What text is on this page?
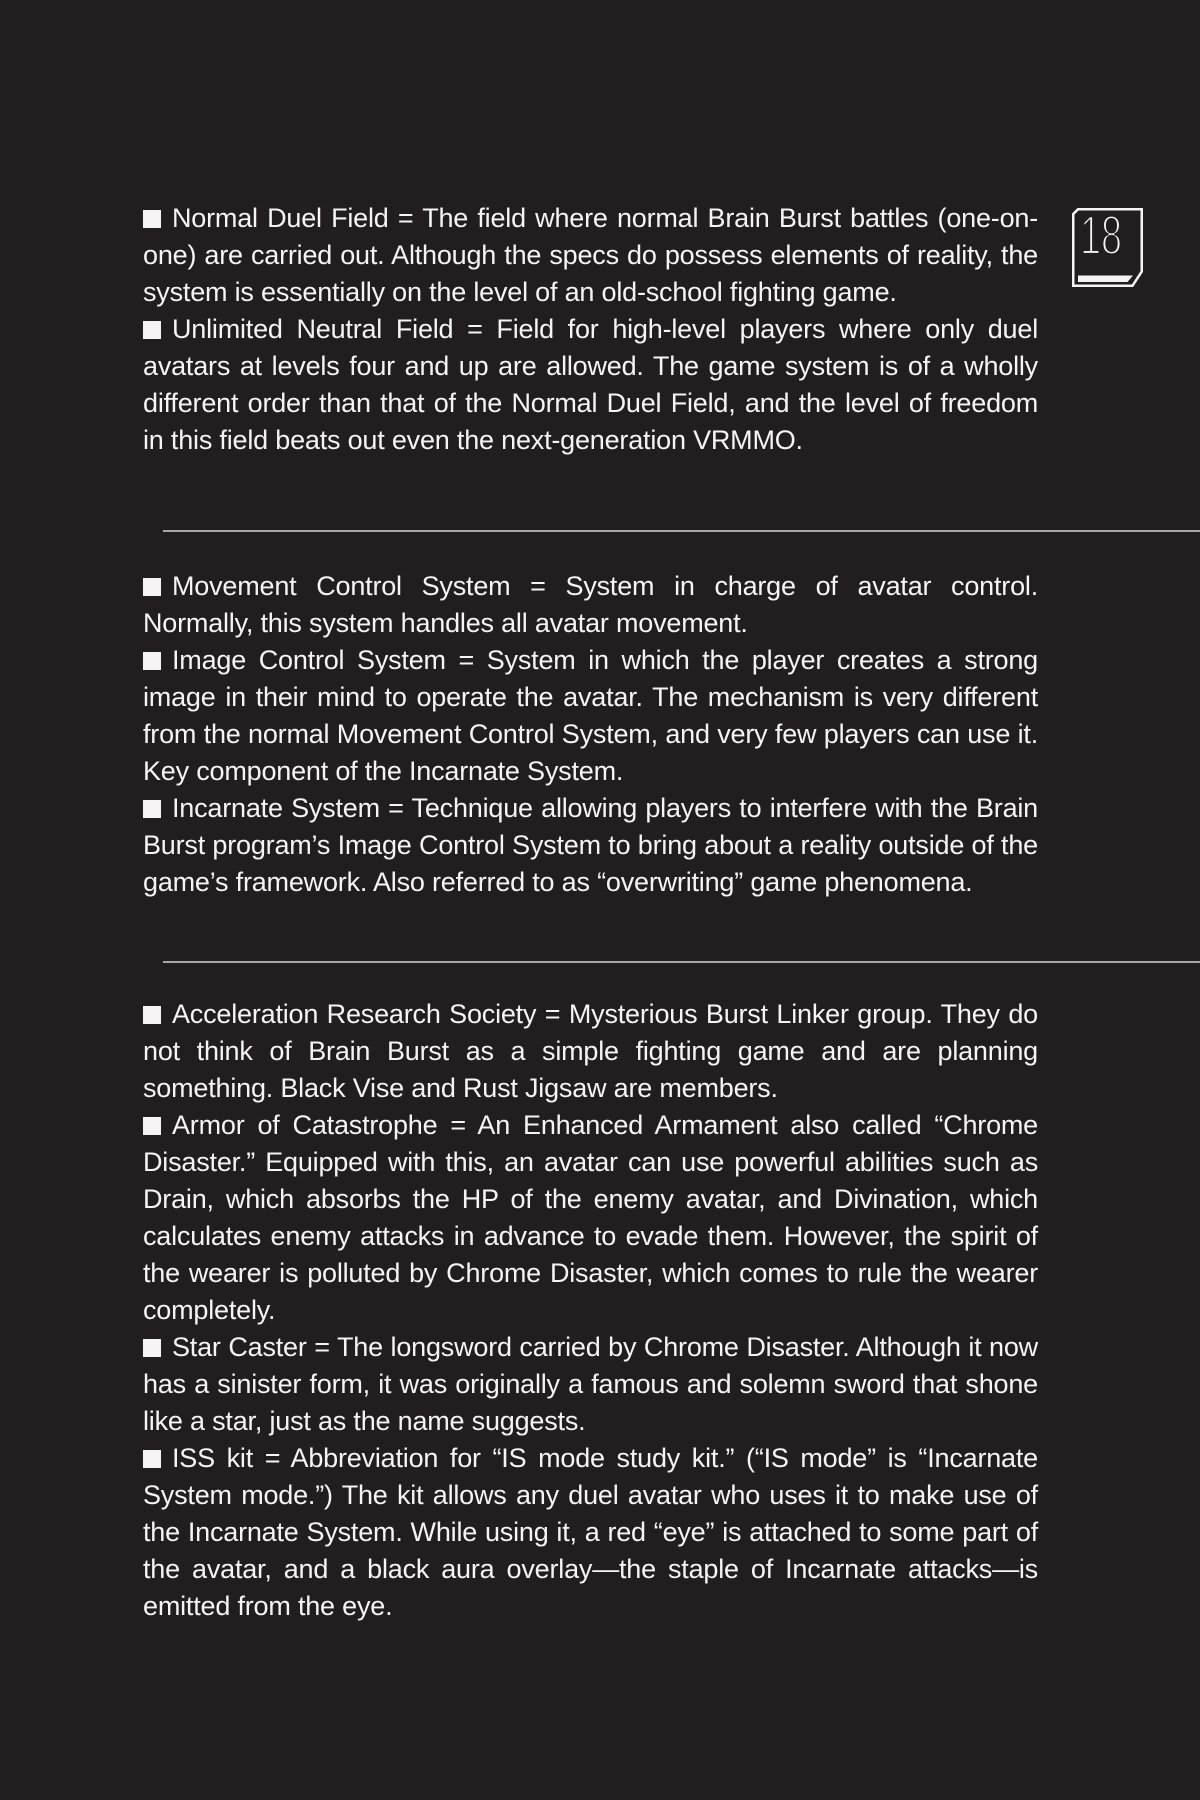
18

Normal Duel Field = The field where normal Brain Burst battles (one-on-one) are carried out. Although the specs do possess elements of reality, the system is essentially on the level of an old-school fighting game.

Unlimited Neutral Field = Field for high-level players where only duel avatars at levels four and up are allowed. The game system is of a wholly different order than that of the Normal Duel Field, and the level of freedom in this field beats out even the next-generation VRMMO.

Movement Control System = System in charge of avatar control. Normally, this system handles all avatar movement.

Image Control System = System in which the player creates a strong image in their mind to operate the avatar. The mechanism is very different from the normal Movement Control System, and very few players can use it. Key component of the Incarnate System.

Incarnate System = Technique allowing players to interfere with the Brain Burst program’s Image Control System to bring about a reality outside of the game’s framework. Also referred to as “overwriting” game phenomena.

Acceleration Research Society = Mysterious Burst Linker group. They do not think of Brain Burst as a simple fighting game and are planning something. Black Vise and Rust Jigsaw are members.

Armor of Catastrophe = An Enhanced Armament also called “Chrome Disaster.” Equipped with this, an avatar can use powerful abilities such as Drain, which absorbs the HP of the enemy avatar, and Divination, which calculates enemy attacks in advance to evade them. However, the spirit of the wearer is polluted by Chrome Disaster, which comes to rule the wearer completely.

Star Caster = The longsword carried by Chrome Disaster. Although it now has a sinister form, it was originally a famous and solemn sword that shone like a star, just as the name suggests.

ISS kit = Abbreviation for “IS mode study kit.” (“IS mode” is “Incarnate System mode.”) The kit allows any duel avatar who uses it to make use of the Incarnate System. While using it, a red “eye” is attached to some part of the avatar, and a black aura overlay—the staple of Incarnate attacks—is emitted from the eye.
